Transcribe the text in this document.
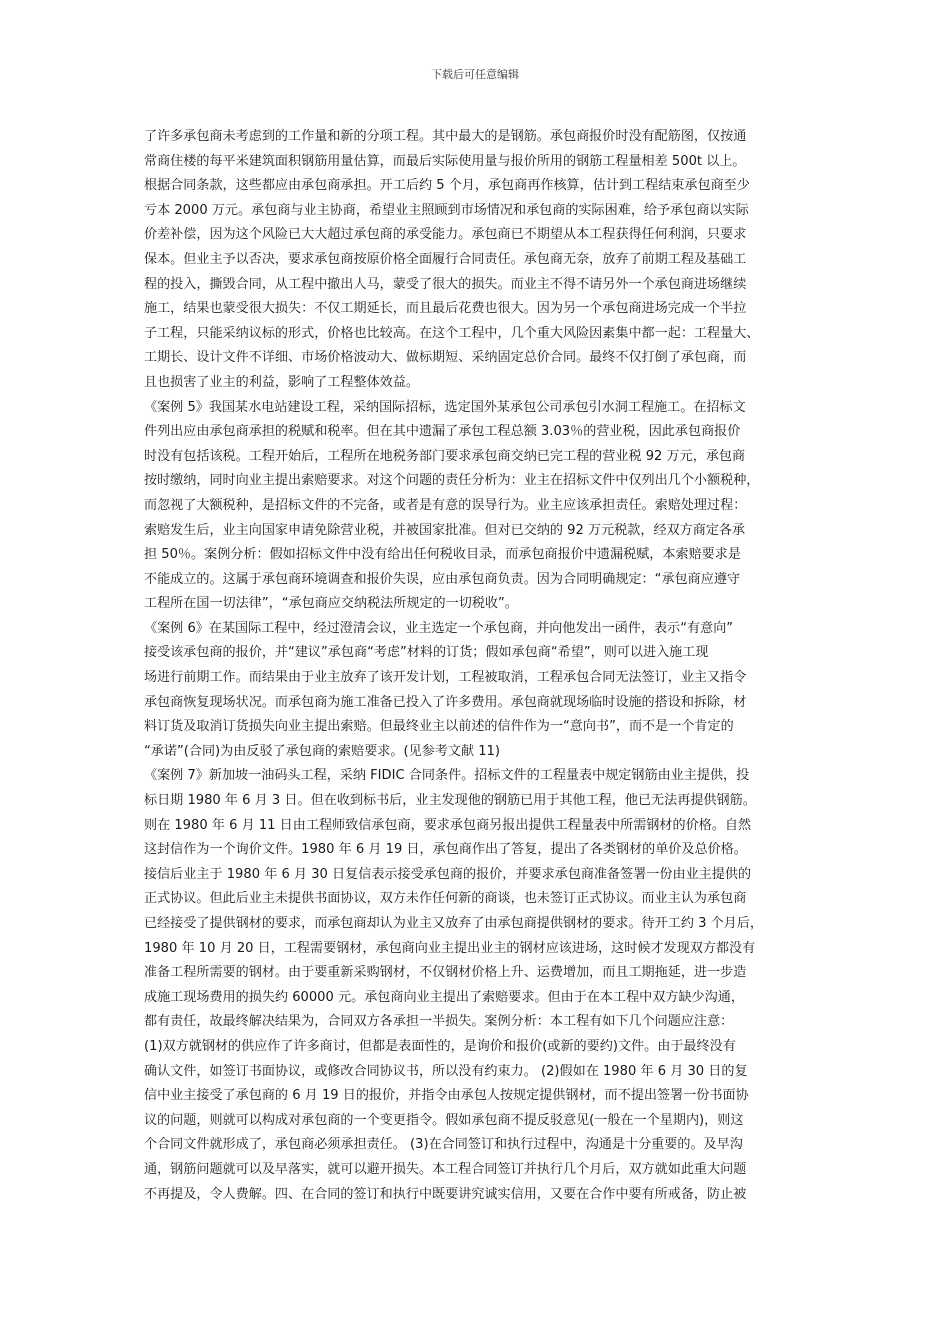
下载后可任意编辑
了许多承包商未考虑到的工作量和新的分项工程。其中最大的是钢筋。承包商报价时没有配筋图，仅按通
常商住楼的每平米建筑面积钢筋用量估算，而最后实际使用量与报价所用的钢筋工程量相差 500t 以上。
根据合同条款，这些都应由承包商承担。开工后约 5 个月，承包商再作核算，估计到工程结束承包商至少
亏本 2000 万元。承包商与业主协商，希望业主照顾到市场情况和承包商的实际困难，给予承包商以实际
价差补偿，因为这个风险已大大超过承包商的承受能力。承包商已不期望从本工程获得任何利润，只要求
保本。但业主予以否决，要求承包商按原价格全面履行合同责任。承包商无奈，放弃了前期工程及基础工
程的投入，撕毁合同，从工程中撤出人马，蒙受了很大的损失。而业主不得不请另外一个承包商进场继续
施工，结果也蒙受很大损失：不仅工期延长，而且最后花费也很大。因为另一个承包商进场完成一个半拉
子工程，只能采纳议标的形式，价格也比较高。在这个工程中，几个重大风险因素集中都一起：工程量大、
工期长、设计文件不详细、市场价格波动大、做标期短、采纳固定总价合同。最终不仅打倒了承包商，而
且也损害了业主的利益，影响了工程整体效益。
《案例 5》我国某水电站建设工程，采纳国际招标，选定国外某承包公司承包引水洞工程施工。在招标文
件列出应由承包商承担的税赋和税率。但在其中遗漏了承包工程总额 3.03％的营业税，因此承包商报价
时没有包括该税。工程开始后，工程所在地税务部门要求承包商交纳已完工程的营业税 92 万元，承包商
按时缴纳，同时向业主提出索赔要求。对这个问题的责任分析为：业主在招标文件中仅列出几个小额税种，
而忽视了大额税种，是招标文件的不完备，或者是有意的误导行为。业主应该承担责任。索赔处理过程：
索赔发生后，业主向国家申请免除营业税，并被国家批准。但对已交纳的 92 万元税款，经双方商定各承
担 50％。案例分析：假如招标文件中没有给出任何税收目录，而承包商报价中遗漏税赋，本索赔要求是
不能成立的。这属于承包商环境调查和报价失误，应由承包商负责。因为合同明确规定：“承包商应遵守
工程所在国一切法律”，“承包商应交纳税法所规定的一切税收”。
《案例 6》在某国际工程中，经过澄清会议，业主选定一个承包商，并向他发出一函件，表示“有意向”
接受该承包商的报价，并“建议”承包商“考虑”材料的订货；假如承包商“希望”，则可以进入施工现
场进行前期工作。而结果由于业主放弃了该开发计划，工程被取消，工程承包合同无法签订，业主又指令
承包商恢复现场状况。而承包商为施工准备已投入了许多费用。承包商就现场临时设施的搭设和拆除，材
料订货及取消订货损失向业主提出索赔。但最终业主以前述的信件作为一“意向书”，而不是一个肯定的
“承诺”(合同)为由反驳了承包商的索赔要求。(见参考文献 11)
《案例 7》新加坡一油码头工程，采纳 FIDIC 合同条件。招标文件的工程量表中规定钢筋由业主提供，投
标日期 1980 年 6 月 3 日。但在收到标书后，业主发现他的钢筋已用于其他工程，他已无法再提供钢筋。
则在 1980 年 6 月 11 日由工程师致信承包商，要求承包商另报出提供工程量表中所需钢材的价格。自然
这封信作为一个询价文件。1980 年 6 月 19 日，承包商作出了答复，提出了各类钢材的单价及总价格。
接信后业主于 1980 年 6 月 30 日复信表示接受承包商的报价，并要求承包商准备签署一份由业主提供的
正式协议。但此后业主未提供书面协议，双方未作任何新的商谈，也未签订正式协议。而业主认为承包商
已经接受了提供钢材的要求，而承包商却认为业主又放弃了由承包商提供钢材的要求。待开工约 3 个月后，
1980 年 10 月 20 日，工程需要钢材，承包商向业主提出业主的钢材应该进场，这时候才发现双方都没有
准备工程所需要的钢材。由于要重新采购钢材，不仅钢材价格上升、运费增加，而且工期拖延，进一步造
成施工现场费用的损失约 60000 元。承包商向业主提出了索赔要求。但由于在本工程中双方缺少沟通，
都有责任，故最终解决结果为，合同双方各承担一半损失。案例分析：本工程有如下几个问题应注意：
(1)双方就钢材的供应作了许多商讨，但都是表面性的，是询价和报价(或新的要约)文件。由于最终没有
确认文件，如签订书面协议，或修改合同协议书，所以没有约束力。 (2)假如在 1980 年 6 月 30 日的复
信中业主接受了承包商的 6 月 19 日的报价，并指令由承包人按规定提供钢材，而不提出签署一份书面协
议的问题，则就可以构成对承包商的一个变更指令。假如承包商不提反驳意见(一般在一个星期内)，则这
个合同文件就形成了，承包商必须承担责任。 (3)在合同签订和执行过程中，沟通是十分重要的。及早沟
通，钢筋问题就可以及早落实，就可以避开损失。本工程合同签订并执行几个月后，双方就如此重大问题
不再提及，令人费解。四、在合同的签订和执行中既要讲究诚实信用，又要在合作中要有所戒备，防止被
